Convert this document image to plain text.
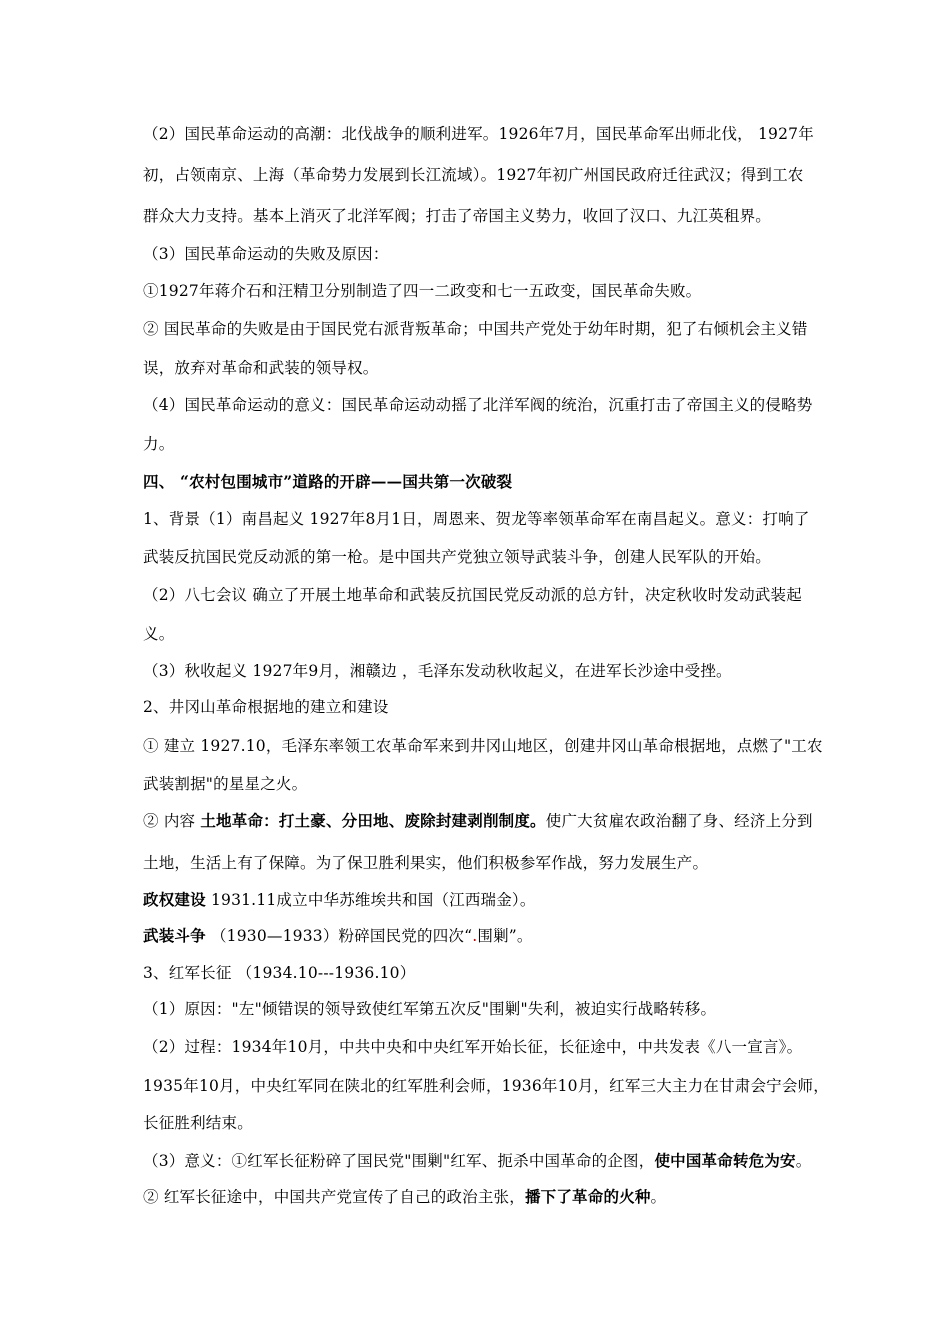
（2）国民革命运动的高潮：北伐战争的顺利进军。1926年7月，国民革命军出师北伐， 1927年
初，占领南京、上海（革命势力发展到长江流域）。1927年初广州国民政府迁往武汉；得到工农
群众大力支持。基本上消灭了北洋军阀；打击了帝国主义势力，收回了汉口、九江英租界。
（3）国民革命运动的失败及原因：
①1927年蒋介石和汪精卫分别制造了四一二政变和七一五政变，国民革命失败。
② 国民革命的失败是由于国民党右派背叛革命；中国共产党处于幼年时期，犯了右倾机会主义错
误，放弃对革命和武装的领导权。
（4）国民革命运动的意义：国民革命运动动摇了北洋军阀的统治，沉重打击了帝国主义的侵略势
力。
四、 “农村包围城市”道路的开辟——国共第一次破裂
1、背景（1）南昌起义 1927年8月1日，周恩来、贺龙等率领革命军在南昌起义。意义：打响了
武装反抗国民党反动派的第一枪。是中国共产党独立领导武装斗争，创建人民军队的开始。
（2）八七会议 确立了开展土地革命和武装反抗国民党反动派的总方针，决定秋收时发动武装起
义。
（3）秋收起义 1927年9月，湘赣边 ，毛泽东发动秋收起义，在进军长沙途中受挫。
2、井冈山革命根据地的建立和建设
① 建立 1927.10，毛泽东率领工农革命军来到井冈山地区，创建井冈山革命根据地，点燃了"工农
武装割据"的星星之火。
② 内容 土地革命：打土豪、分田地、废除封建剥削制度。使广大贫雇农政治翻了身、经济上分到
土地，生活上有了保障。为了保卫胜利果实，他们积极参军作战，努力发展生产。
政权建设 1931.11成立中华苏维埃共和国（江西瑞金）。
武装斗争 （1930—1933）粉碎国民党的四次“.围剿”。
3、红军长征 （1934.10---1936.10）
（1）原因："左"倾错误的领导致使红军第五次反"围剿"失利，被迫实行战略转移。
（2）过程：1934年10月，中共中央和中央红军开始长征，长征途中，中共发表《八一宣言》。
1935年10月，中央红军同在陕北的红军胜利会师，1936年10月，红军三大主力在甘肃会宁会师，
长征胜利结束。
（3）意义：①红军长征粉碎了国民党"围剿"红军、扼杀中国革命的企图，使中国革命转危为安。
② 红军长征途中，中国共产党宣传了自己的政治主张，播下了革命的火种。
